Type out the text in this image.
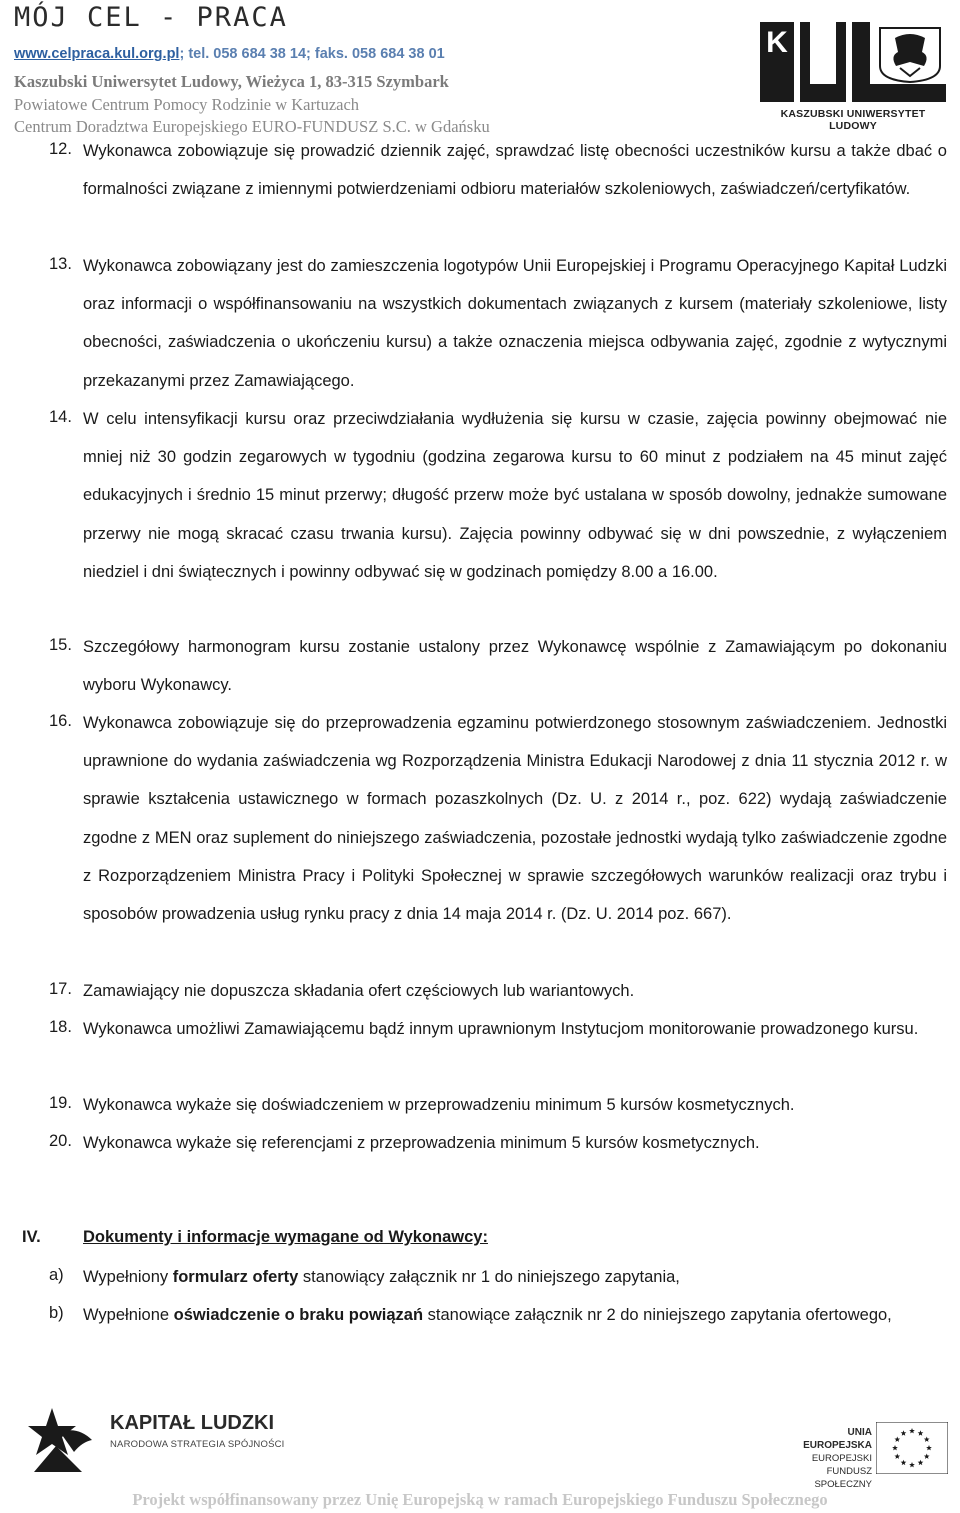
MÓJ CEL - PRACA
www.celpraca.kul.org.pl; tel. 058 684 38 14; faks. 058 684 38 01
Kaszubski Uniwersytet Ludowy, Wieżyca 1, 83-315 Szymbark
Powiatowe Centrum Pomocy Rodzinie w Kartuzach
Centrum Doradztwa Europejskiego EURO-FUNDUSZ S.C. w Gdańsku
K
KASZUBSKI UNIWERSYTET LUDOWY
12. Wykonawca zobowiązuje się prowadzić dziennik zajęć, sprawdzać listę obecności uczestników kursu a także dbać o formalności związane z imiennymi potwierdzeniami odbioru materiałów szkoleniowych, zaświadczeń/certyfikatów.
13. Wykonawca zobowiązany jest do zamieszczenia logotypów Unii Europejskiej i Programu Operacyjnego Kapitał Ludzki oraz informacji o współfinansowaniu na wszystkich dokumentach związanych z kursem (materiały szkoleniowe, listy obecności, zaświadczenia o ukończeniu kursu) a także oznaczenia miejsca odbywania zajęć, zgodnie z wytycznymi przekazanymi przez Zamawiającego.
14. W celu intensyfikacji kursu oraz przeciwdziałania wydłużenia się kursu w czasie, zajęcia powinny obejmować nie mniej niż 30 godzin zegarowych w tygodniu (godzina zegarowa kursu to 60 minut z podziałem na 45 minut zajęć edukacyjnych i średnio 15 minut przerwy; długość przerw może być ustalana w sposób dowolny, jednakże sumowane przerwy nie mogą skracać czasu trwania kursu). Zajęcia powinny odbywać się w dni powszednie, z wyłączeniem niedziel i dni świątecznych i powinny odbywać się w godzinach pomiędzy 8.00 a 16.00.
15. Szczegółowy harmonogram kursu zostanie ustalony przez Wykonawcę wspólnie z Zamawiającym po dokonaniu wyboru Wykonawcy.
16. Wykonawca zobowiązuje się do przeprowadzenia egzaminu potwierdzonego stosownym zaświadczeniem. Jednostki uprawnione do wydania zaświadczenia wg Rozporządzenia Ministra Edukacji Narodowej z dnia 11 stycznia 2012 r. w sprawie kształcenia ustawicznego w formach pozaszkolnych (Dz. U. z 2014 r., poz. 622) wydają zaświadczenie zgodne z MEN oraz suplement do niniejszego zaświadczenia, pozostałe jednostki wydają tylko zaświadczenie zgodne z Rozporządzeniem Ministra Pracy i Polityki Społecznej w sprawie szczegółowych warunków realizacji oraz trybu i sposobów prowadzenia usług rynku pracy z dnia 14 maja 2014 r. (Dz. U. 2014 poz. 667).
17. Zamawiający nie dopuszcza składania ofert częściowych lub wariantowych.
18. Wykonawca umożliwi Zamawiającemu bądź innym uprawnionym Instytucjom monitorowanie prowadzonego kursu.
19. Wykonawca wykaże się doświadczeniem w przeprowadzeniu minimum 5 kursów kosmetycznych.
20. Wykonawca wykaże się referencjami z przeprowadzenia minimum 5 kursów kosmetycznych.
IV.	Dokumenty i informacje wymagane od Wykonawcy:
a) Wypełniony formularz oferty stanowiący załącznik nr 1 do niniejszego zapytania,
b) Wypełnione oświadczenie o braku powiązań stanowiące załącznik nr 2 do niniejszego zapytania ofertowego,
KAPITAŁ LUDZKI
NARODOWA STRATEGIA SPÓJNOŚCI
UNIA EUROPEJSKA
EUROPEJSKI
FUNDUSZ SPOŁECZNY
Projekt współfinansowany przez Unię Europejską w ramach Europejskiego Funduszu Społecznego
